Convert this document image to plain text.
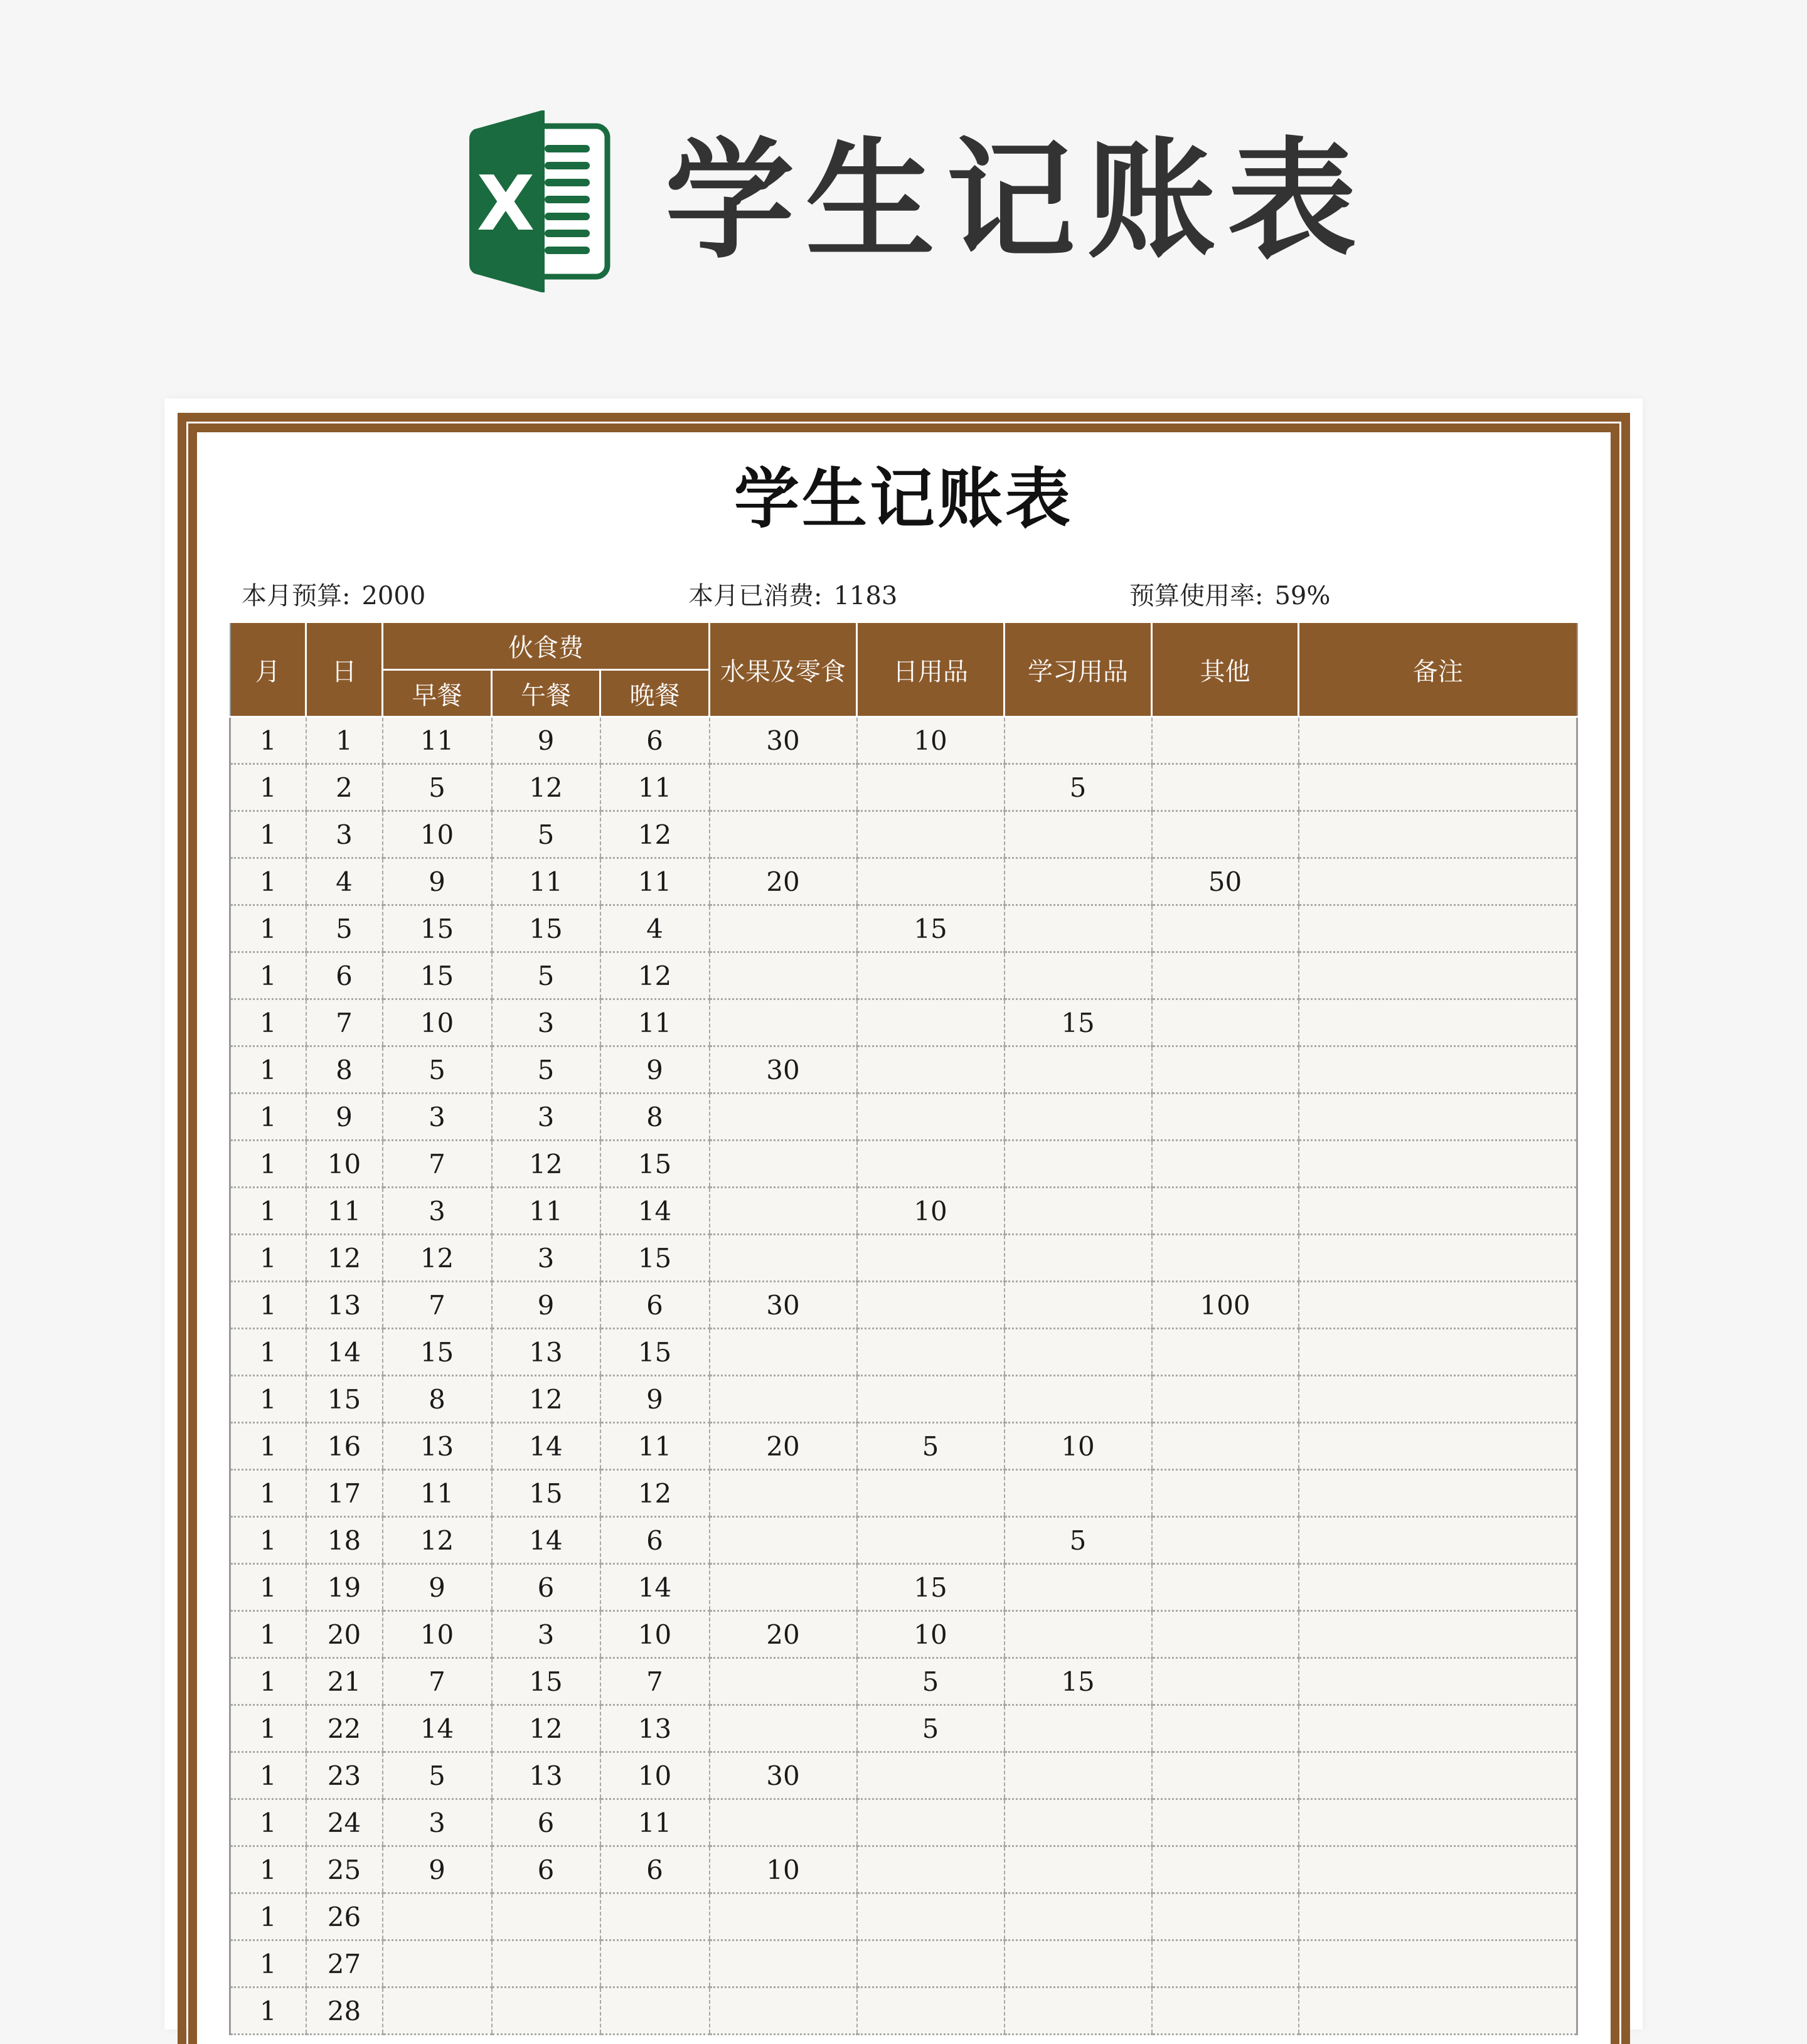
X 学生记账表
学生记账表
本月预算: 2000	本月已消费: 1183	预算使用率: 59%
月	日	伙食费			水果及零食	日用品	学习用品	其他	备注
		早餐	午餐	晚餐					
1	1	11	9	6	30	10			
1	2	5	12	11			5		
1	3	10	5	12					
1	4	9	11	11	20			50	
1	5	15	15	4		15			
1	6	15	5	12					
1	7	10	3	11			15		
1	8	5	5	9	30				
1	9	3	3	8					
1	10	7	12	15					
1	11	3	11	14		10			
1	12	12	3	15					
1	13	7	9	6	30			100	
1	14	15	13	15					
1	15	8	12	9					
1	16	13	14	11	20	5	10		
1	17	11	15	12					
1	18	12	14	6			5		
1	19	9	6	14		15			
1	20	10	3	10	20	10			
1	21	7	15	7		5	15		
1	22	14	12	13		5			
1	23	5	13	10	30				
1	24	3	6	11					
1	25	9	6	6	10				
1	26								
1	27								
1	28								
